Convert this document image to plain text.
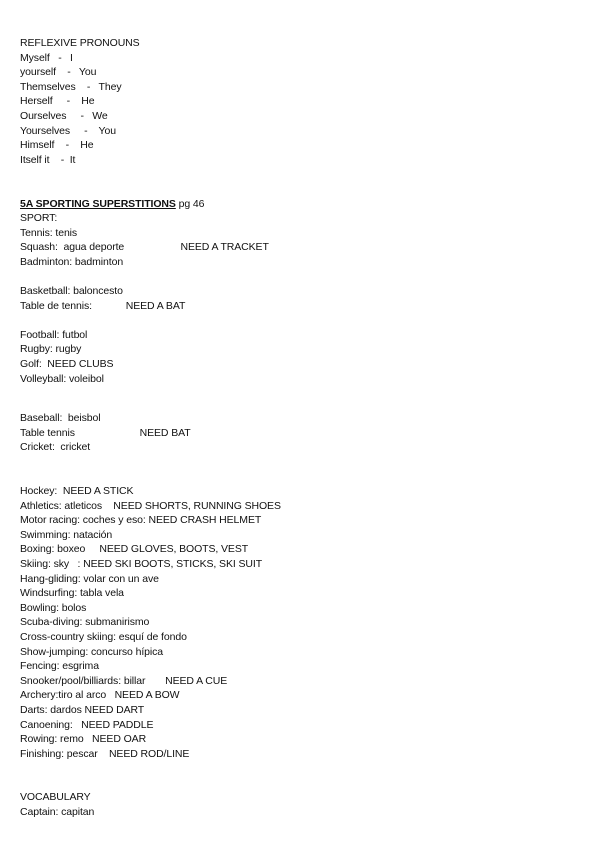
REFLEXIVE PRONOUNS
Myself   -   I
yourself    -   You
Themselves    -   They
Herself     -    He
Ourselves     -   We
Yourselves     -    You
Himself    -    He
Itself it    -  It
5A SPORTING SUPERSTITIONS pg 46
SPORT:
Tennis: tenis
Squash:  agua deporte                    NEED A TRACKET
Badminton: badminton
Basketball: baloncesto
Table de tennis:            NEED A BAT
Football: futbol
Rugby: rugby
Golf:  NEED CLUBS
Volleyball: voleibol
Baseball:  beisbol
Table tennis                       NEED BAT
Cricket:  cricket
Hockey:  NEED A STICK
Athletics: atleticos    NEED SHORTS, RUNNING SHOES
Motor racing: coches y eso: NEED CRASH HELMET
Swimming: natación
Boxing: boxeo     NEED GLOVES, BOOTS, VEST
Skiing: sky   : NEED SKI BOOTS, STICKS, SKI SUIT
Hang-gliding: volar con un ave
Windsurfing: tabla vela
Bowling: bolos
Scuba-diving: submanirismo
Cross-country skiing: esquí de fondo
Show-jumping: concurso hípica
Fencing: esgrima
Snooker/pool/billiards: billar       NEED A CUE
Archery:tiro al arco   NEED A BOW
Darts: dardos NEED DART
Canoening:   NEED PADDLE
Rowing: remo   NEED OAR
Finishing: pescar    NEED ROD/LINE
VOCABULARY
Captain: capitan
